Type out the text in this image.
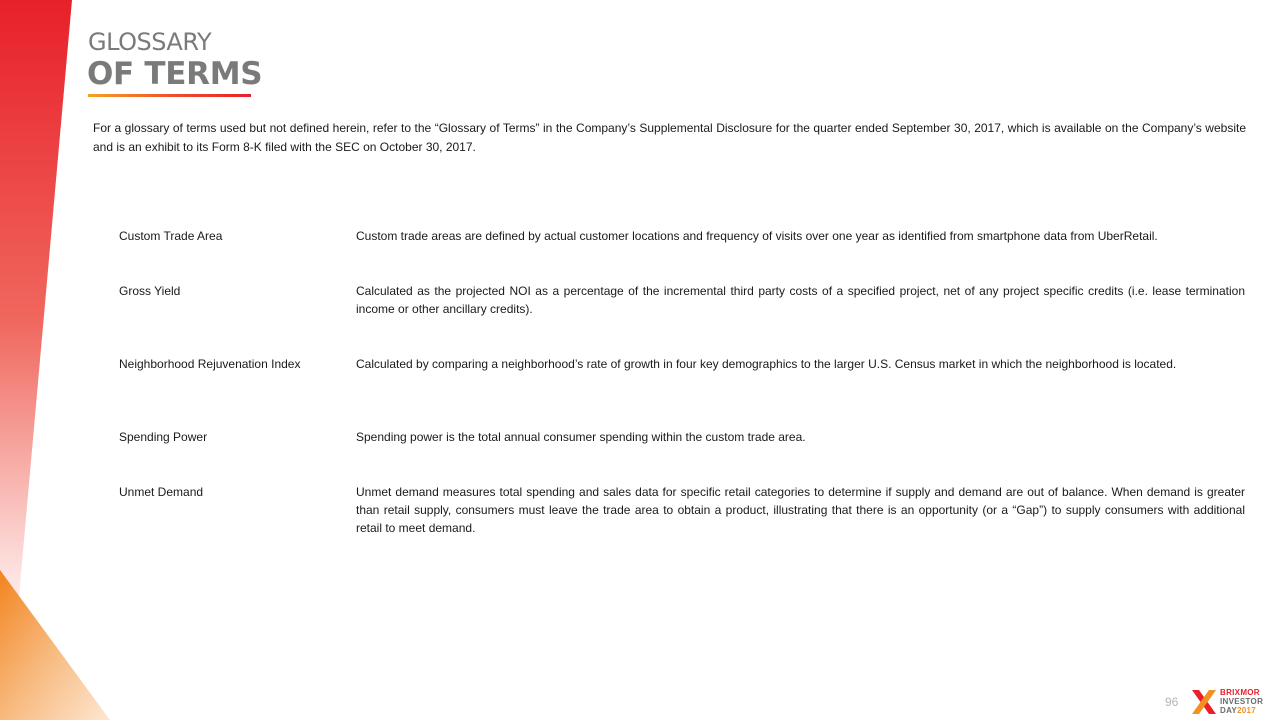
GLOSSARY
OF TERMS

For a glossary of terms used but not defined herein, refer to the “Glossary of Terms” in the Company’s Supplemental Disclosure for the quarter ended September 30, 2017, which is available on the Company’s website and is an exhibit to its Form 8-K filed with the SEC on October 30, 2017.

Custom Trade Area	Custom trade areas are defined by actual customer locations and frequency of visits over one year as identified from smartphone data from UberRetail.
Gross Yield	Calculated as the projected NOI as a percentage of the incremental third party costs of a specified project, net of any project specific credits (i.e. lease termination income or other ancillary credits).
Neighborhood Rejuvenation Index	Calculated by comparing a neighborhood’s rate of growth in four key demographics to the larger U.S. Census market in which the neighborhood is located.
Spending Power	Spending power is the total annual consumer spending within the custom trade area.
Unmet Demand	Unmet demand measures total spending and sales data for specific retail categories to determine if supply and demand are out of balance. When demand is greater than retail supply, consumers must leave the trade area to obtain a product, illustrating that there is an opportunity (or a “Gap”) to supply consumers with additional retail to meet demand.
96
BRIXMOR
INVESTOR
DAY2017
